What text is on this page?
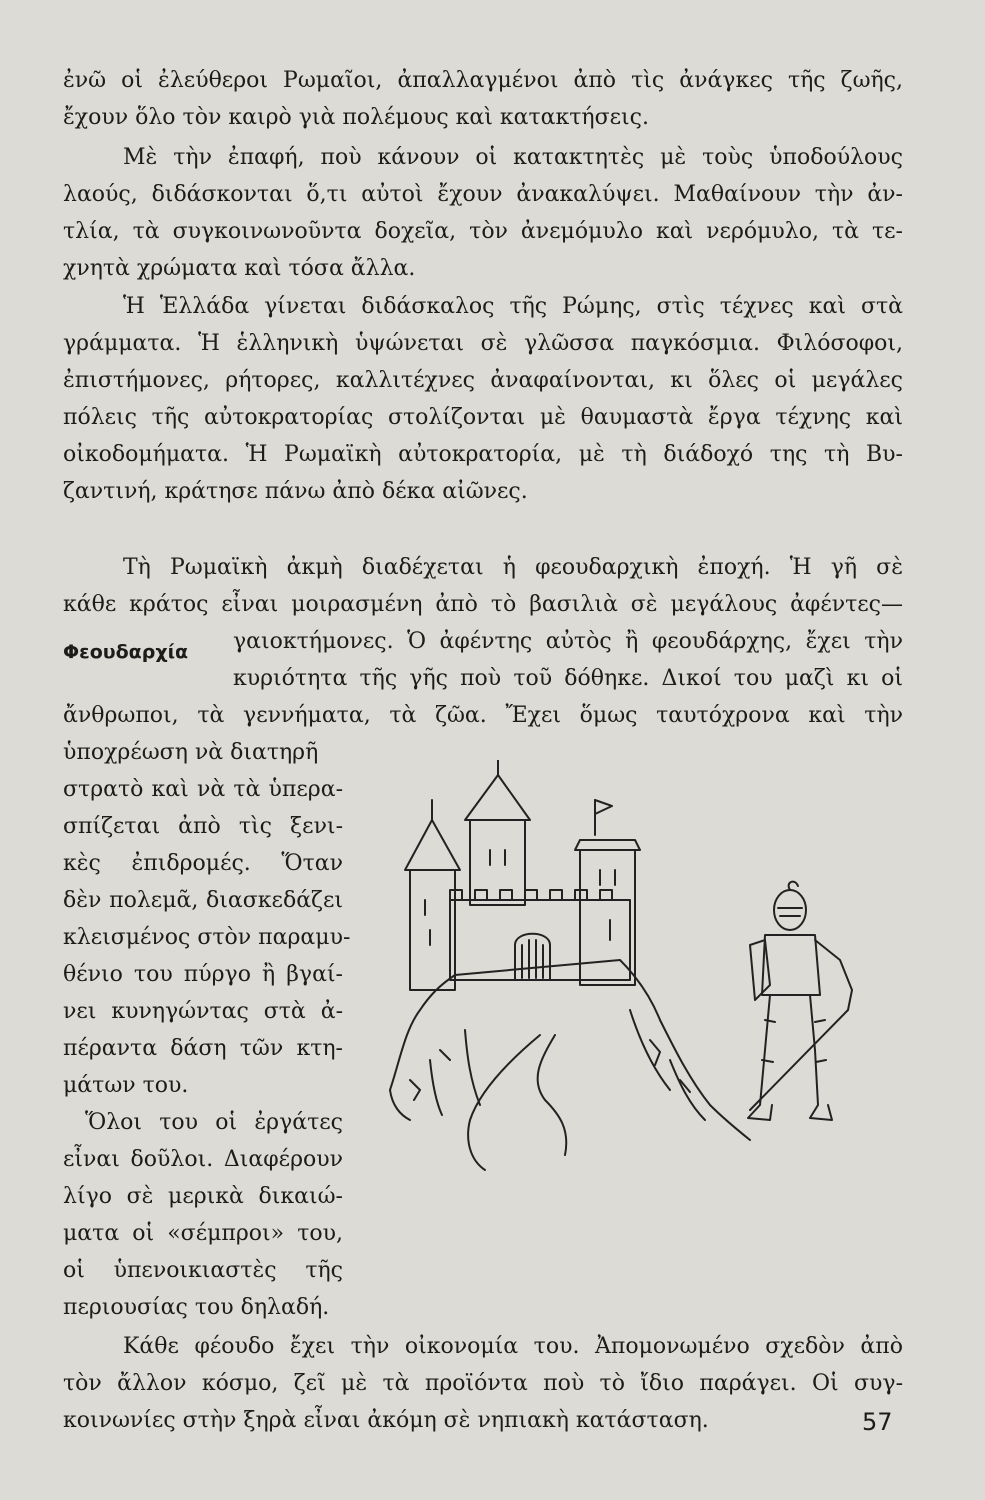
ἐνῶ οἱ ἐλεύθεροι Ρωμαῖοι, ἀπαλλαγμένοι ἀπὸ τὶς ἀνάγκες τῆς ζωῆς,
ἔχουν ὅλο τὸν καιρὸ γιὰ πολέμους καὶ κατακτήσεις.
Μὲ τὴν ἐπαφή, ποὺ κάνουν οἱ κατακτητὲς μὲ τοὺς ὑποδούλους
λαούς, διδάσκονται ὅ,τι αὐτοὶ ἔχουν ἀνακαλύψει. Μαθαίνουν τὴν ἀν-
τλία, τὰ συγκοινωνοῦντα δοχεῖα, τὸν ἀνεμόμυλο καὶ νερόμυλο, τὰ τε-
χνητὰ χρώματα καὶ τόσα ἄλλα.
Ἡ Ἑλλάδα γίνεται διδάσκαλος τῆς Ρώμης, στὶς τέχνες καὶ στὰ
γράμματα. Ἡ ἑλληνικὴ ὑψώνεται σὲ γλῶσσα παγκόσμια. Φιλόσοφοι,
ἐπιστήμονες, ρήτορες, καλλιτέχνες ἀναφαίνονται, κι ὅλες οἱ μεγάλες
πόλεις τῆς αὐτοκρατορίας στολίζονται μὲ θαυμαστὰ ἔργα τέχνης καὶ
οἰκοδομήματα. Ἡ Ρωμαϊκὴ αὐτοκρατορία, μὲ τὴ διάδοχό της τὴ Βυ-
ζαντινή, κράτησε πάνω ἀπὸ δέκα αἰῶνες.
Τὴ Ρωμαϊκὴ ἀκμὴ διαδέχεται ἡ φεουδαρχικὴ ἐποχή. Ἡ γῆ σὲ
κάθε κράτος εἶναι μοιρασμένη ἀπὸ τὸ βασιλιὰ σὲ μεγάλους ἀφέντες—
Φεουδαρχία γαιοκτήμονες. Ὁ ἀφέντης αὐτὸς ἢ φεουδάρχης, ἔχει τὴν
κυριότητα τῆς γῆς ποὺ τοῦ δόθηκε. Δικοί του μαζὶ κι οἱ
ἄνθρωποι, τὰ γεννήματα, τὰ ζῶα. Ἔχει ὅμως ταυτόχρονα καὶ τὴν
ὑποχρέωση νὰ διατηρῆ
στρατὸ καὶ νὰ τὰ ὑπερα-
σπίζεται ἀπὸ τὶς ξενι-
κὲς ἐπιδρομές. Ὅταν
δὲν πολεμᾶ, διασκεδάζει
κλεισμένος στὸν παραμυ-
θένιο του πύργο ἢ βγαί-
νει κυνηγώντας στὰ ἀ-
πέραντα δάση τῶν κτη-
μάτων του.
Ὅλοι του οἱ ἐργάτες
εἶναι δοῦλοι. Διαφέρουν
λίγο σὲ μερικὰ δικαιώ-
ματα οἱ «σέμπροι» του,
οἱ ὑπενοικιαστὲς τῆς
περιουσίας του δηλαδή.
Κάθε φέουδο ἔχει τὴν οἰκονομία του. Ἀπομονωμένο σχεδὸν ἀπὸ
τὸν ἄλλον κόσμο, ζεῖ μὲ τὰ προϊόντα ποὺ τὸ ἴδιο παράγει. Οἱ συγ-
κοινωνίες στὴν ξηρὰ εἶναι ἀκόμη σὲ νηπιακὴ κατάσταση.	57
